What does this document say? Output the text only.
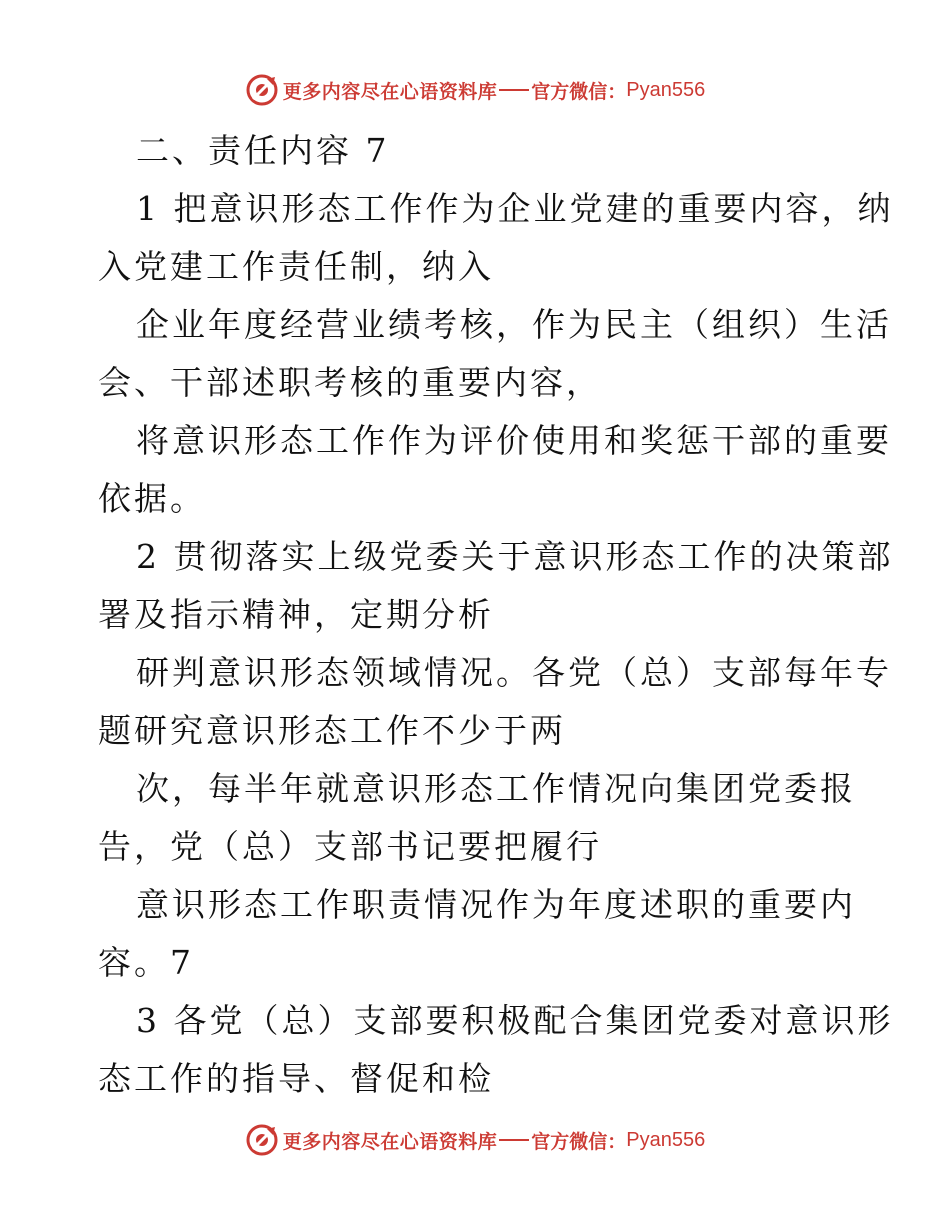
更多内容尽在心语资料库 官方微信： Pyan556
二、责任内容 7
1 把意识形态工作作为企业党建的重要内容，纳
入党建工作责任制，纳入
企业年度经营业绩考核，作为民主（组织）生活
会、干部述职考核的重要内容，
将意识形态工作作为评价使用和奖惩干部的重要
依据。
2 贯彻落实上级党委关于意识形态工作的决策部
署及指示精神，定期分析
研判意识形态领域情况。各党（总）支部每年专
题研究意识形态工作不少于两
次，每半年就意识形态工作情况向集团党委报
告，党（总）支部书记要把履行
意识形态工作职责情况作为年度述职的重要内
容。7
3 各党（总）支部要积极配合集团党委对意识形
态工作的指导、督促和检
更多内容尽在心语资料库 官方微信： Pyan556
